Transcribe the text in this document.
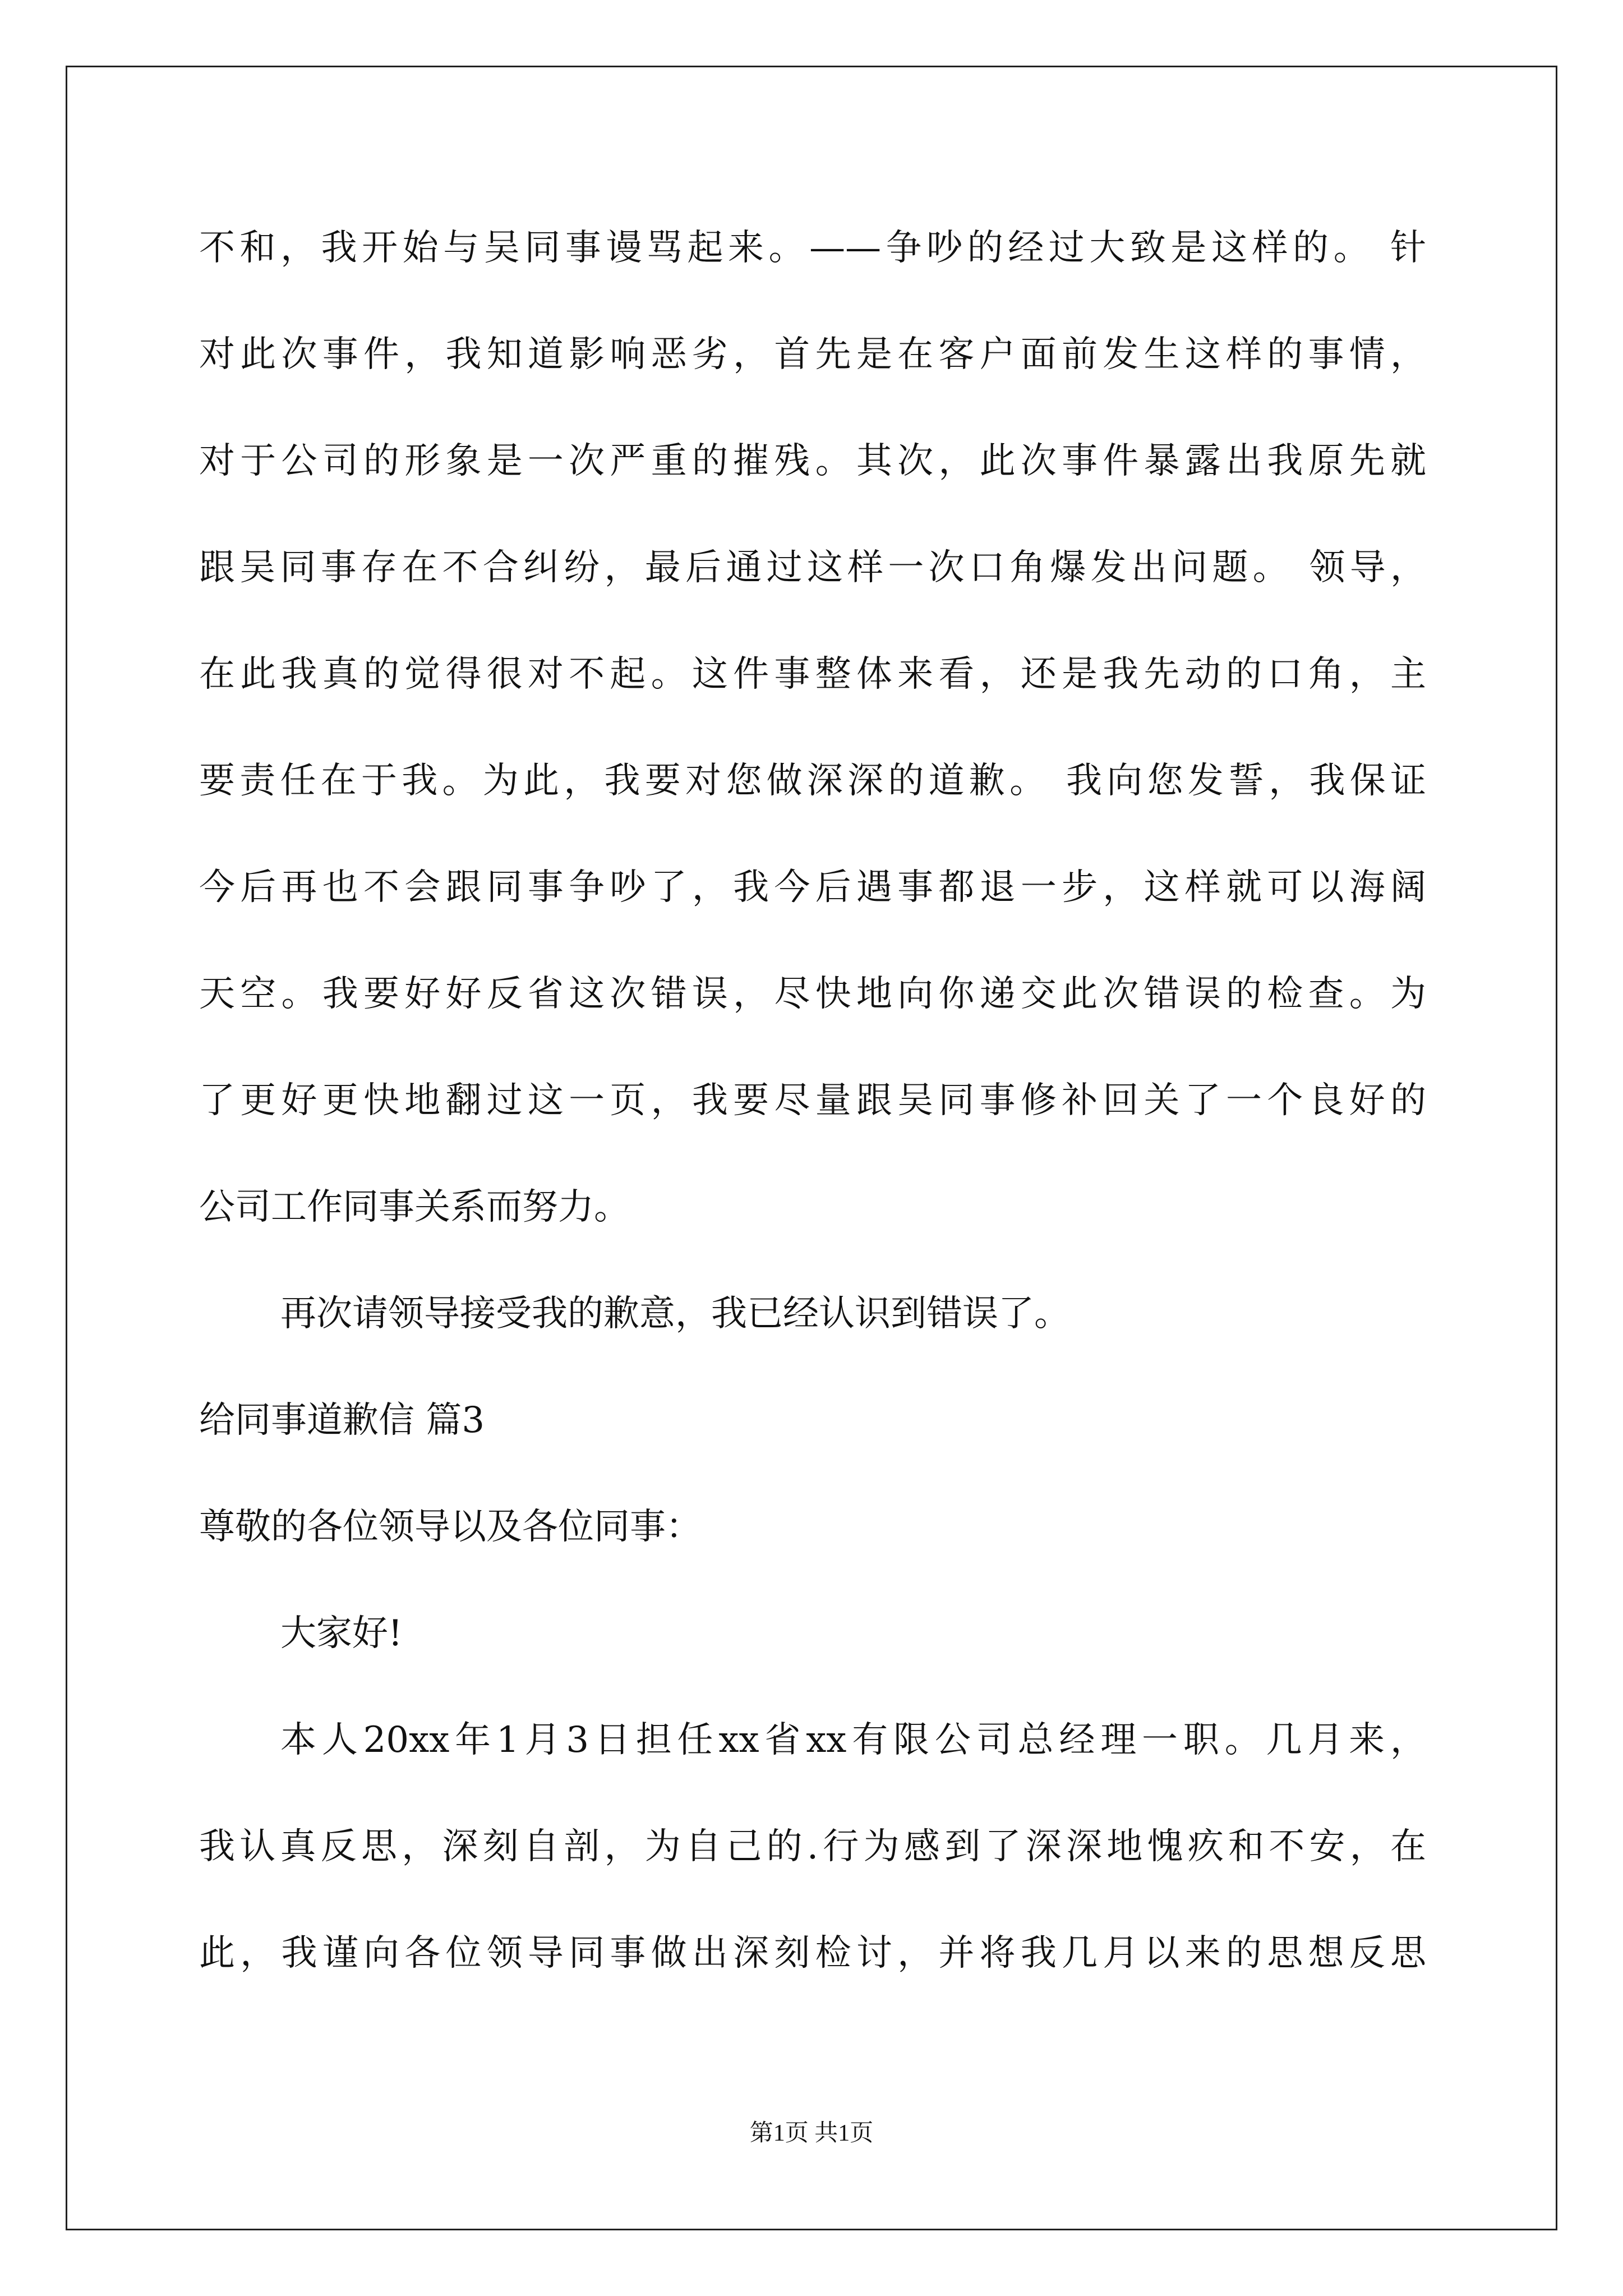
不和，我开始与吴同事谩骂起来。——争吵的经过大致是这样的。 针
对此次事件，我知道影响恶劣，首先是在客户面前发生这样的事情，
对于公司的形象是一次严重的摧残。其次，此次事件暴露出我原先就
跟吴同事存在不合纠纷，最后通过这样一次口角爆发出问题。 领导，
在此我真的觉得很对不起。这件事整体来看，还是我先动的口角，主
要责任在于我。为此，我要对您做深深的道歉。 我向您发誓，我保证
今后再也不会跟同事争吵了，我今后遇事都退一步，这样就可以海阔
天空。我要好好反省这次错误，尽快地向你递交此次错误的检查。为
了更好更快地翻过这一页，我要尽量跟吴同事修补回关了一个良好的
公司工作同事关系而努力。
再次请领导接受我的歉意，我已经认识到错误了。
给同事道歉信 篇3
尊敬的各位领导以及各位同事：
大家好!
本人20xx年1月3日担任xx省xx有限公司总经理一职。几月来，
我认真反思，深刻自剖，为自己的.行为感到了深深地愧疚和不安，在
此，我谨向各位领导同事做出深刻检讨，并将我几月以来的思想反思
第1页 共1页
